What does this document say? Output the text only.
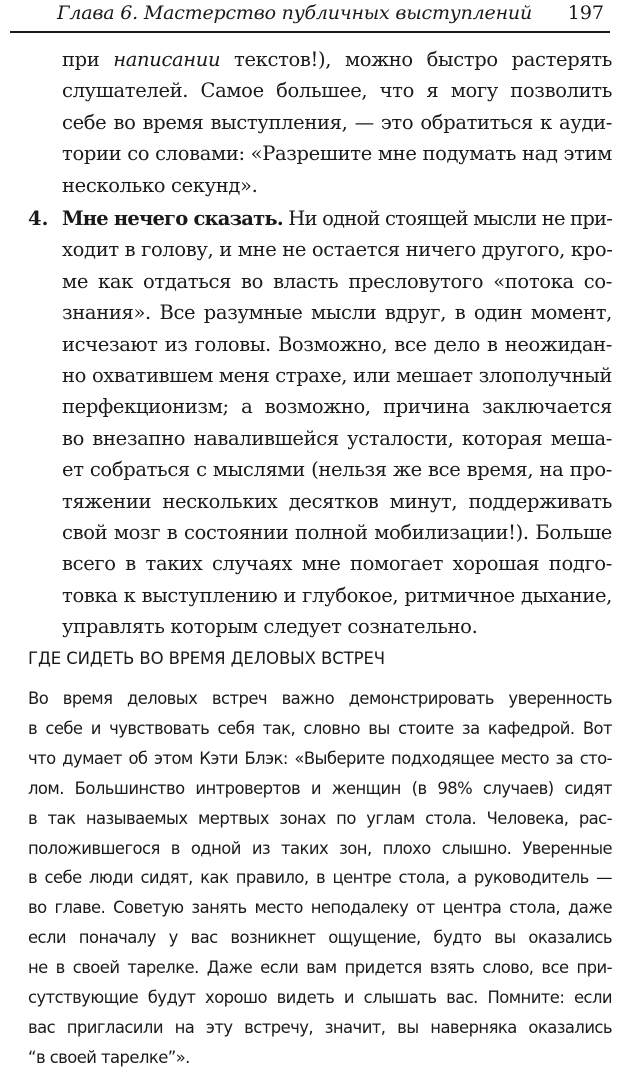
Глава 6. Мастерство публичных выступлений 197
при написании текстов!), можно быстро растерять
слушателей. Самое большее, что я могу позволить
себе во время выступления, — это обратиться к ауди-
тории со словами: «Разрешите мне подумать над этим
несколько секунд».
4. Мне нечего сказать. Ни одной стоящей мысли не при-
ходит в голову, и мне не остается ничего другого, кро-
ме как отдаться во власть пресловутого «потока со-
знания». Все разумные мысли вдруг, в один момент,
исчезают из головы. Возможно, все дело в неожидан-
но охватившем меня страхе, или мешает злополучный
перфекционизм; а возможно, причина заключается
во внезапно навалившейся усталости, которая меша-
ет собраться с мыслями (нельзя же все время, на про-
тяжении нескольких десятков минут, поддерживать
свой мозг в состоянии полной мобилизации!). Больше
всего в таких случаях мне помогает хорошая подго-
товка к выступлению и глубокое, ритмичное дыхание,
управлять которым следует сознательно.
ГДЕ СИДЕТЬ ВО ВРЕМЯ ДЕЛОВЫХ ВСТРЕЧ
Во время деловых встреч важно демонстрировать уверенность
в себе и чувствовать себя так, словно вы стоите за кафедрой. Вот
что думает об этом Кэти Блэк: «Выберите подходящее место за сто-
лом. Большинство интровертов и женщин (в 98% случаев) сидят
в так называемых мертвых зонах по углам стола. Человека, рас-
положившегося в одной из таких зон, плохо слышно. Уверенные
в себе люди сидят, как правило, в центре стола, а руководитель —
во главе. Советую занять место неподалеку от центра стола, даже
если поначалу у вас возникнет ощущение, будто вы оказались
не в своей тарелке. Даже если вам придется взять слово, все при-
сутствующие будут хорошо видеть и слышать вас. Помните: если
вас пригласили на эту встречу, значит, вы наверняка оказались
“в своей тарелке”».
